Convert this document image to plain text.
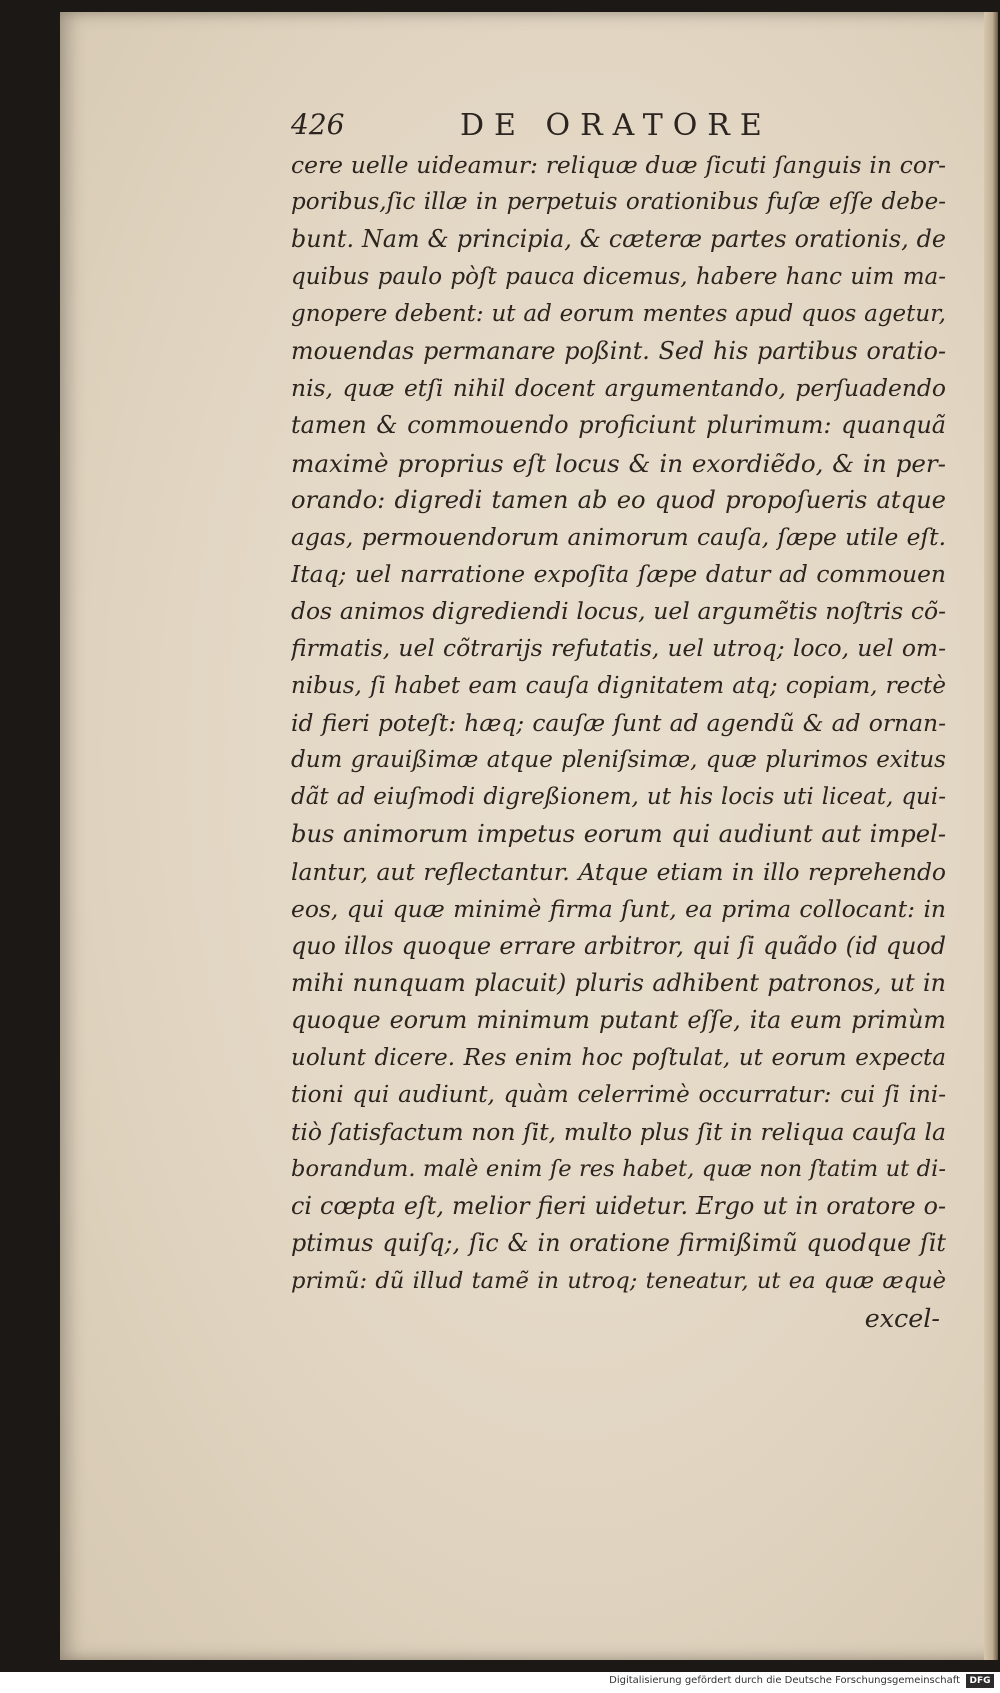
426	DE ORATORE
cere uelle uideamur: reliquæ duæ ſicuti ſanguis in cor-
poribus,ſic illæ in perpetuis orationibus fuſæ eſſe debe-
bunt. Nam & principia, & cæteræ partes orationis, de
quibus paulo pòſt pauca dicemus, habere hanc uim ma-
gnopere debent: ut ad eorum mentes apud quos agetur,
mouendas permanare poßint. Sed his partibus oratio-
nis, quæ etſi nihil docent argumentando, perſuadendo
tamen & commouendo proficiunt plurimum: quanquã
maximè proprius eſt locus & in exordiẽdo, & in per-
orando: digredi tamen ab eo quod propoſueris atque
agas, permouendorum animorum cauſa, ſæpe utile eſt.
Itaq; uel narratione expoſita ſæpe datur ad commouen
dos animos digrediendi locus, uel argumẽtis noſtris cõ-
firmatis, uel cõtrarijs refutatis, uel utroq; loco, uel om-
nibus, ſi habet eam cauſa dignitatem atq; copiam, rectè
id fieri poteſt: hæq; cauſæ ſunt ad agendũ & ad ornan-
dum grauißimæ atque pleniſsimæ, quæ plurimos exitus
dãt ad eiuſmodi digreßionem, ut his locis uti liceat, qui-
bus animorum impetus eorum qui audiunt aut impel-
lantur, aut reflectantur. Atque etiam in illo reprehendo
eos, qui quæ minimè firma ſunt, ea prima collocant: in
quo illos quoque errare arbitror, qui ſi quãdo (id quod
mihi nunquam placuit) pluris adhibent patronos, ut in
quoque eorum minimum putant eſſe, ita eum primùm
uolunt dicere. Res enim hoc poſtulat, ut eorum expecta
tioni qui audiunt, quàm celerrimè occurratur: cui ſi ini-
tiò ſatisfactum non ſit, multo plus ſit in reliqua cauſa la
borandum. malè enim ſe res habet, quæ non ſtatim ut di-
ci cœpta eſt, melior fieri uidetur. Ergo ut in oratore o-
ptimus quiſq;, ſic & in oratione firmißimũ quodque ſit
primũ: dũ illud tamẽ in utroq; teneatur, ut ea quæ æquè
excel-
Digitalisierung gefördert durch die Deutsche Forschungsgemeinschaft	DFG
